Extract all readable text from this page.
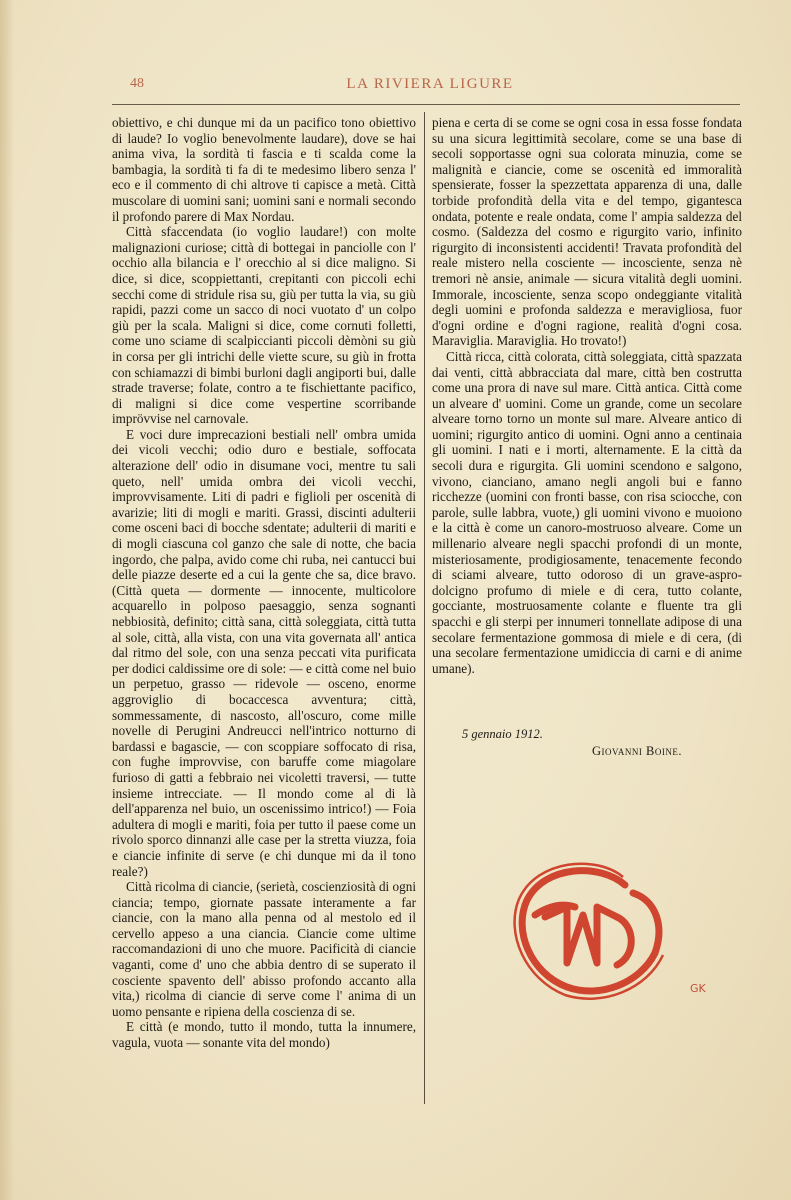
48	LA RIVIERA LIGURE

obiettivo, e chi dunque mi da un pacifico tono obiettivo di laude? Io voglio benevolmente laudare), dove se hai anima viva, la sordità ti fascia e ti scalda come la bambagia, la sordità ti fa di te medesimo libero senza l' eco e il commento di chi altrove ti capisce a metà. Città muscolare di uomini sani; uomini sani e normali secondo il profondo parere di Max Nordau.

Città sfaccendata (io voglio laudare!) con molte malignazioni curiose; città di bottegai in panciolle con l' occhio alla bilancia e l' orecchio al si dice maligno. Si dice, si dice, scoppiettanti, crepitanti con piccoli echi secchi come di stridule risa su, giù per tutta la via, su giù rapidi, pazzi come un sacco di noci vuotato d' un colpo giù per la scala. Maligni si dice, come cornuti folletti, come uno sciame di scalpiccianti piccoli dèmòni su giù in corsa per gli intrichi delle viette scure, su giù in frotta con schiamazzi di bimbi burloni dagli angiporti bui, dalle strade traverse; folate, contro a te fischiettante pacifico, di maligni si dice come vespertine scorribande imprövvise nel carnovale.

E voci dure imprecazioni bestiali nell' ombra umida dei vicoli vecchi; odio duro e bestiale, soffocata alterazione dell' odio in disumane voci, mentre tu sali queto, nell' umida ombra dei vicoli vecchi, improvvisamente. Liti di padri e figlioli per oscenità di avarizie; liti di mogli e mariti. Grassi, discinti adulterii come osceni baci di bocche sdentate; adulterii di mariti e di mogli ciascuna col ganzo che sale di notte, che bacia ingordo, che palpa, avido come chi ruba, nei cantucci bui delle piazze deserte ed a cui la gente che sa, dice bravo. (Città queta — dormente — innocente, multicolore acquarello in polposo paesaggio, senza sognanti nebbiosità, definito; città sana, città soleggiata, città tutta al sole, città, alla vista, con una vita governata all' antica dal ritmo del sole, con una senza peccati vita purificata per dodici caldissime ore di sole: — e città come nel buio un perpetuo, grasso — ridevole — osceno, enorme aggroviglio di bocaccesca avventura; città, sommessamente, di nascosto, all'oscuro, come mille novelle di Perugini Andreucci nell'intrico notturno di bardassi e bagascie, — con scoppiare soffocato di risa, con fughe improvvise, con baruffe come miagolare furioso di gatti a febbraio nei vicoletti traversi, — tutte insieme intrecciate. — Il mondo come al di là dell'apparenza nel buio, un oscenissimo intrico!) — Foia adultera di mogli e mariti, foia per tutto il paese come un rivolo sporco dinnanzi alle case per la stretta viuzza, foia e ciancie infinite di serve (e chi dunque mi da il tono reale?)

Città ricolma di ciancie, (serietà, coscienziosità di ogni ciancia; tempo, giornate passate interamente a far ciancie, con la mano alla penna od al mestolo ed il cervello appeso a una ciancia. Ciancie come ultime raccomandazioni di uno che muore. Pacificità di ciancie vaganti, come d' uno che abbia dentro di se superato il cosciente spavento dell' abisso profondo accanto alla vita,) ricolma di ciancie di serve come l' anima di un uomo pensante e ripiena della coscienza di se.

E città (e mondo, tutto il mondo, tutta la innumere, vagula, vuota — sonante vita del mondo)

piena e certa di se come se ogni cosa in essa fosse fondata su una sicura legittimità secolare, come se una base di secoli sopportasse ogni sua colorata minuzia, come se malignità e ciancie, come se oscenità ed immoralità spensierate, fosser la spezzettata apparenza di una, dalle torbide profondità della vita e del tempo, gigantesca ondata, potente e reale ondata, come l' ampia saldezza del cosmo. (Saldezza del cosmo e rigurgito vario, infinito rigurgito di inconsistenti accidenti! Travata profondità del reale mistero nella cosciente — incosciente, senza nè tremori nè ansie, animale — sicura vitalità degli uomini. Immorale, incosciente, senza scopo ondeggiante vitalità degli uomini e profonda saldezza e meravigliosa, fuor d'ogni ordine e d'ogni ragione, realità d'ogni cosa. Maraviglia. Maraviglia. Ho trovato!)

Città ricca, città colorata, città soleggiata, città spazzata dai venti, città abbracciata dal mare, città ben costrutta come una prora di nave sul mare. Città antica. Città come un alveare d' uomini. Come un grande, come un secolare alveare torno torno un monte sul mare. Alveare antico di uomini; rigurgito antico di uomini. Ogni anno a centinaia gli uomini. I nati e i morti, alternamente. E la città da secoli dura e rigurgita. Gli uomini scendono e salgono, vivono, cianciano, amano negli angoli bui e fanno ricchezze (uomini con fronti basse, con risa sciocche, con parole, sulle labbra, vuote,) gli uomini vivono e muoiono e la città è come un canoro-mostruoso alveare. Come un millenario alveare negli spacchi profondi di un monte, misteriosamente, prodigiosamente, tenacemente fecondo di sciami alveare, tutto odoroso di un grave-aspro-dolcigno profumo di miele e di cera, tutto colante, gocciante, mostruosamente colante e fluente tra gli spacchi e gli sterpi per innumeri tonnellate adipose di una secolare fermentazione gommosa di miele e di cera, (di una secolare fermentazione umidiccia di carni e di anime umane).

5 gennaio 1912.
Giovanni Boine.
GK
